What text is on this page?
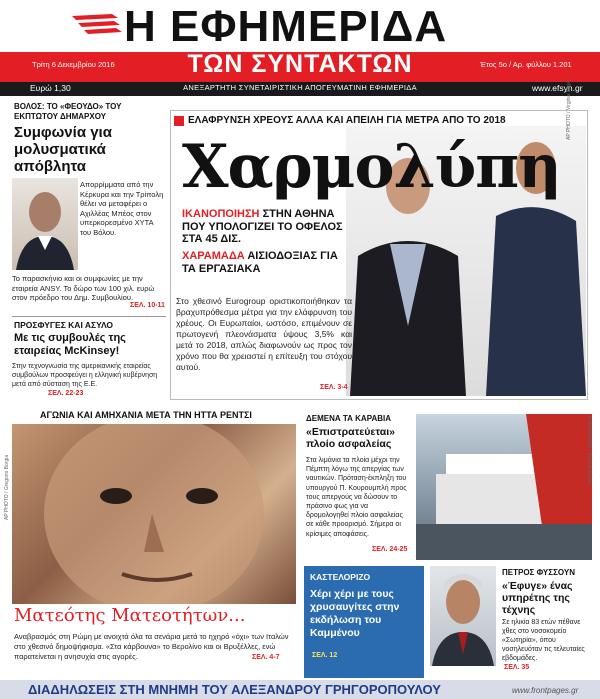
Η ΕΦΗΜΕΡΙΔΑ
ΤΩΝ ΣΥΝΤΑΚΤΩΝ
Τρίτη 6 Δεκεμβρίου 2016	Έτος 5ο / Αρ. φύλλου 1.201
Ευρώ 1,30	ΑΝΕΞΑΡΤΗΤΗ ΣΥΝΕΤΑΙΡΙΣΤΙΚΗ ΑΠΟΓΕΥΜΑΤΙΝΗ ΕΦΗΜΕΡΙΔΑ	www.efsyn.gr
ΒΟΛΟΣ: ΤΟ «ΦΕΟΥΔΟ» ΤΟΥ ΕΚΠΤΩΤΟΥ ΔΗΜΑΡΧΟΥ
Συμφωνία για μολυσματικά απόβλητα
Απορρίμματα από την Κέρκυρα και την Τρίπολη θέλει να μεταφέρει ο Αχιλλέας Μπέος στον υπερκορεσμένο ΧΥΤΑ του Βόλου.
Το παρασκήνιο και οι συμφωνίες με την εταιρεία ANSY. Το δώρο των 100 χιλ. ευρώ στον πρόεδρο του Δημ. Συμβουλίου.
ΣΕΛ. 10-11
ΠΡΟΣΦΥΓΕΣ ΚΑΙ ΑΣΥΛΟ
Με τις συμβουλές της εταιρείας McKinsey!
Στην τεχνογνωσία της αμερικανικής εταιρείας συμβούλων προσφεύγει η ελληνική κυβέρνηση μετά από σύσταση της Ε.Ε.
ΣΕΛ. 22-23
ΕΛΑΦΡΥΝΣΗ ΧΡΕΟΥΣ ΑΛΛΑ ΚΑΙ ΑΠΕΙΛΗ ΓΙΑ ΜΕΤΡΑ ΑΠΟ ΤΟ 2018
Χαρμολύπη
AP PHOTO / Virginia Mayo
ΙΚΑΝΟΠΟΙΗΣΗ ΣΤΗΝ ΑΘΗΝΑ ΠΟΥ ΥΠΟΛΟΓΙΖΕΙ ΤΟ ΟΦΕΛΟΣ ΣΤΑ 45 ΔΙΣ.
ΧΑΡΑΜΑΔΑ ΑΙΣΙΟΔΟΞΙΑΣ ΓΙΑ ΤΑ ΕΡΓΑΣΙΑΚΑ
Στο χθεσινό Eurogroup οριστικοποιήθηκαν τα βραχυπρόθεσμα μέτρα για την ελάφρυνση του χρέους. Οι Ευρωπαίοι, ωστόσο, επιμένουν σε πρωτογενή πλεονάσματα ύψους 3,5% και μετά το 2018, απλώς διαφωνούν ως προς τον χρόνο που θα χρειαστεί η επίτευξη του στόχου αυτού.
ΣΕΛ. 3-4
ΑΓΩΝΙΑ ΚΑΙ ΑΜΗΧΑΝΙΑ ΜΕΤΑ ΤΗΝ ΗΤΤΑ ΡΕΝΤΣΙ
AP PHOTO / Gregorio Borgia
Ματεότης Ματεοτήτων...
Αναβρασμός στη Ρώμη με ανοιχτά όλα τα σενάρια μετά το ηχηρό «όχι» των Ιταλών στο χθεσινό δημοψήφισμα. «Στα κάρβουνα» το Βερολίνο και οι Βρυξέλλες, ενώ παρατείνεται η ανησυχία στις αγορές.	ΣΕΛ. 4-7
ΔΕΜΕΝΑ ΤΑ ΚΑΡΑΒΙΑ
«Επιστρατεύεται» πλοίο ασφαλείας
Στα λιμάνια τα πλοία μέχρι την Πέμπτη λόγω της απεργίας των ναυτικών. Πρόταση-έκπληξη του υπουργού Π. Κουρουμπλή προς τους απεργούς να δώσουν το πράσινο φως για να δρομολογηθεί πλοίο ασφαλείας σε κάθε προορισμό. Σήμερα οι κρίσιμες αποφάσεις.
ΣΕΛ. 24-25
EUROKINISSI / Κώστας Βάκας
ΚΑΣΤΕΛΟΡΙΖΟ
Χέρι χέρι με τους χρυσαυγίτες στην εκδήλωση του Καμμένου
ΣΕΛ. 12
ΠΕΤΡΟΣ ΦΥΣΣΟΥΝ
«Έφυγε» ένας υπηρέτης της τέχνης
Σε ηλικία 83 ετών πέθανε χθες στο νοσοκομείο «Σωτηρία», όπου νοσηλευόταν τις τελευταίες εβδομάδες.
ΣΕΛ. 35
ΔΙΑΔΗΛΩΣΕΙΣ ΣΤΗ ΜΝΗΜΗ ΤΟΥ ΑΛΕΞΑΝΔΡΟΥ ΓΡΗΓΟΡΟΠΟΥΛΟΥ	www.frontpages.gr
